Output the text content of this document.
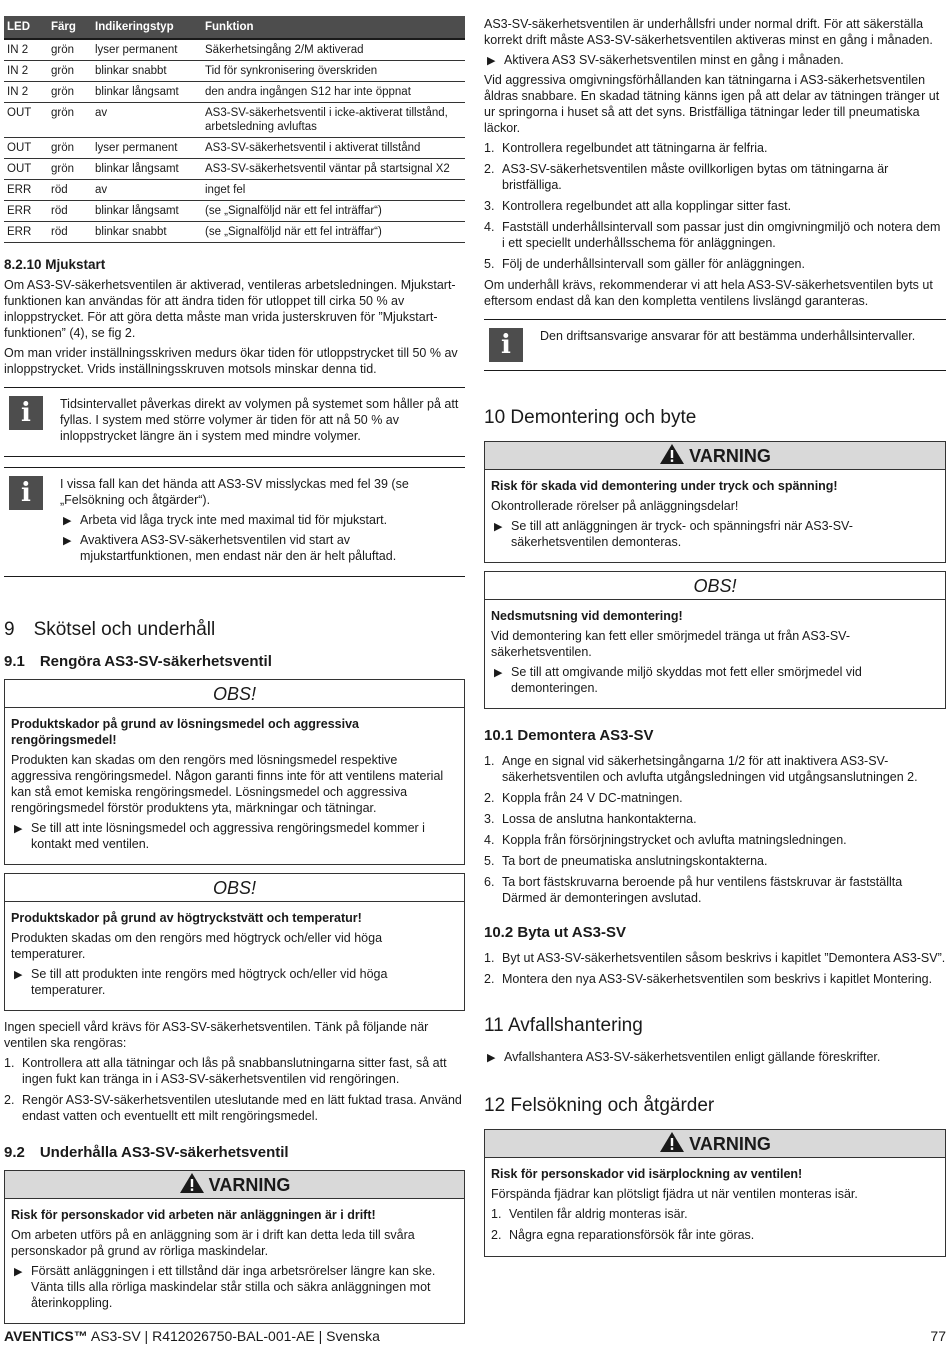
LED	Färg	Indikeringstyp	Funktion
IN 2	grön	lyser permanent	Säkerhetsingång 2/M aktiverad
IN 2	grön	blinkar snabbt	Tid för synkronisering överskriden
IN 2	grön	blinkar långsamt	den andra ingången S12 har inte öppnat
OUT	grön	av	AS3-SV-säkerhetsventil i icke-aktiverat tillstånd, arbetsledning avluftas
OUT	grön	lyser permanent	AS3-SV-säkerhetsventil i aktiverat tillstånd
OUT	grön	blinkar långsamt	AS3-SV-säkerhetsventil väntar på startsignal X2
ERR	röd	av	inget fel
ERR	röd	blinkar långsamt	(se „Signalföljd när ett fel inträffar“)
ERR	röd	blinkar snabbt	(se „Signalföljd när ett fel inträffar“)
8.2.10 Mjukstart

Om AS3-SV-säkerhetsventilen är aktiverad, ventileras arbetsledningen. Mjukstart-funktionen kan användas för att ändra tiden för utloppet till cirka 50 % av inloppstrycket. För att göra detta måste man vrida justerskruven för ”Mjukstart-funktionen” (4), se fig 2.

Om man vrider inställningsskriven medurs ökar tiden för utloppstrycket till 50 % av inloppstrycket. Vrids inställningsskruven motsols minskar denna tid.

i	Tidsintervallet påverkas direkt av volymen på systemet som håller på att fyllas. I system med större volymer är tiden för att nå 50 % av inloppstrycket längre än i system med mindre volymer.

i	I vissa fall kan det hända att AS3-SV misslyckas med fel 39 (se „Felsökning och åtgärder“).

▶ Arbeta vid låga tryck inte med maximal tid för mjukstart.
▶ Avaktivera AS3-SV-säkerhetsventilen vid start av mjukstartfunktionen, men endast när den är helt påluftad.
9 Skötsel och underhåll
9.1 Rengöra AS3-SV-säkerhetsventil
OBS!

Produktskador på grund av lösningsmedel och aggressiva rengöringsmedel!

Produkten kan skadas om den rengörs med lösningsmedel respektive aggressiva rengöringsmedel. Någon garanti finns inte för att ventilens material kan stå emot kemiska rengöringsmedel. Lösningsmedel och aggressiva rengöringsmedel förstör produktens yta, märkningar och tätningar.

▶ Se till att inte lösningsmedel och aggressiva rengöringsmedel kommer i kontakt med ventilen.
OBS!

Produktskador på grund av högtryckstvätt och temperatur!

Produkten skadas om den rengörs med högtryck och/eller vid höga temperaturer.

▶ Se till att produkten inte rengörs med högtryck och/eller vid höga temperaturer.

Ingen speciell vård krävs för AS3-SV-säkerhetsventilen. Tänk på följande när ventilen ska rengöras:

1. Kontrollera att alla tätningar och lås på snabbanslutningarna sitter fast, så att ingen fukt kan tränga in i AS3-SV-säkerhetsventilen vid rengöringen.
2. Rengör AS3-SV-säkerhetsventilen uteslutande med en lätt fuktad trasa. Använd endast vatten och eventuellt ett milt rengöringsmedel.
9.2 Underhålla AS3-SV-säkerhetsventil
VARNING

Risk för personskador vid arbeten när anläggningen är i drift!

Om arbeten utförs på en anläggning som är i drift kan detta leda till svåra personskador på grund av rörliga maskindelar.

▶ Försätt anläggningen i ett tillstånd där inga arbetsrörelser längre kan ske. Vänta tills alla rörliga maskindelar står stilla och säkra anläggningen mot återinkoppling.

AS3-SV-säkerhetsventilen är underhållsfri under normal drift. För att säkerställa korrekt drift måste AS3-SV-säkerhetsventilen aktiveras minst en gång i månaden.

▶ Aktivera AS3 SV-säkerhetsventilen minst en gång i månaden.

Vid aggressiva omgivningsförhållanden kan tätningarna i AS3-säkerhetsventilen åldras snabbare. En skadad tätning känns igen på att delar av tätningen tränger ut ur springorna i huset så att det syns. Bristfälliga tätningar leder till pneumatiska läckor.

1. Kontrollera regelbundet att tätningarna är felfria.
2. AS3-SV-säkerhetsventilen måste ovillkorligen bytas om tätningarna är bristfälliga.
3. Kontrollera regelbundet att alla kopplingar sitter fast.
4. Fastställ underhållsintervall som passar just din omgivningmiljö och notera dem i ett speciellt underhållsschema för anläggningen.
5. Följ de underhållsintervall som gäller för anläggningen.

Om underhåll krävs, rekommenderar vi att hela AS3-SV-säkerhetsventilen byts ut eftersom endast då kan den kompletta ventilens livslängd garanteras.

i	Den driftsansvarige ansvarar för att bestämma underhållsintervaller.

10 Demontering och byte
VARNING

Risk för skada vid demontering under tryck och spänning!

Okontrollerade rörelser på anläggningsdelar!

▶ Se till att anläggningen är tryck- och spänningsfri när AS3-SV-säkerhetsventilen demonteras.
OBS!

Nedsmutsning vid demontering!

Vid demontering kan fett eller smörjmedel tränga ut från AS3-SV-säkerhetsventilen.

▶ Se till att omgivande miljö skyddas mot fett eller smörjmedel vid demonteringen.
10.1 Demontera AS3-SV
1. Ange en signal vid säkerhetsingångarna 1/2 för att inaktivera AS3-SV-säkerhetsventilen och avlufta utgångsledningen vid utgångsanslutningen 2.
2. Koppla från 24 V DC-matningen.
3. Lossa de anslutna hankontakterna.
4. Koppla från försörjningstrycket och avlufta matningsledningen.
5. Ta bort de pneumatiska anslutningskontakterna.
6. Ta bort fästskruvarna beroende på hur ventilens fästskruvar är fastställta Därmed är demonteringen avslutad.
10.2 Byta ut AS3-SV
1. Byt ut AS3-SV-säkerhetsventilen såsom beskrivs i kapitlet ”Demontera AS3-SV”.
2. Montera den nya AS3-SV-säkerhetsventilen som beskrivs i kapitlet Montering.
11 Avfallshantering
▶ Avfallshantera AS3-SV-säkerhetsventilen enligt gällande föreskrifter.
12 Felsökning och åtgärder
VARNING

Risk för personskador vid isärplockning av ventilen!

Förspända fjädrar kan plötsligt fjädra ut när ventilen monteras isär.

1. Ventilen får aldrig monteras isär.
2. Några egna reparationsförsök får inte göras.
AVENTICS™ AS3-SV | R412026750-BAL-001-AE | Svenska	77
